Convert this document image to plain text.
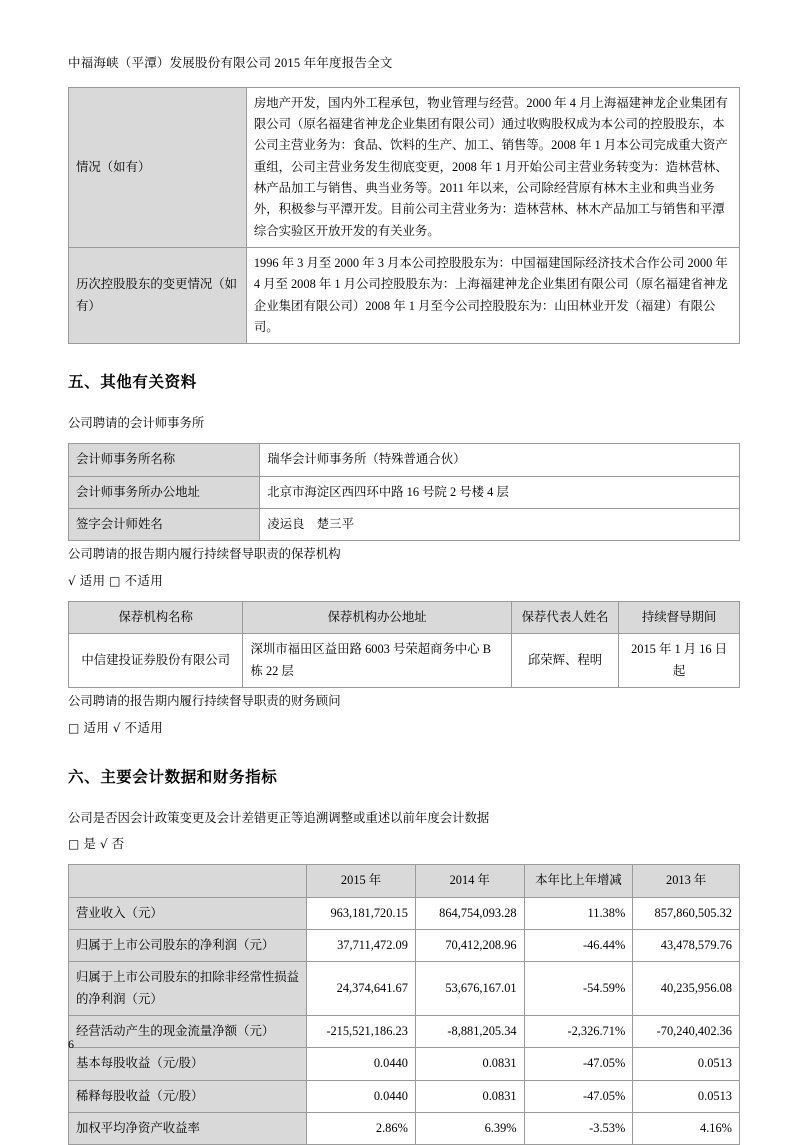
中福海峡（平潭）发展股份有限公司 2015 年年度报告全文
情况（如有）	房地产开发，国内外工程承包，物业管理与经营。2000 年 4 月上海福建神龙企业集团有限公司（原名福建省神龙企业集团有限公司）通过收购股权成为本公司的控股股东，本公司主营业务为：食品、饮料的生产、加工、销售等。2008 年 1 月本公司完成重大资产重组，公司主营业务发生彻底变更，2008 年 1 月开始公司主营业务转变为：造林营林、林产品加工与销售、典当业务等。2011 年以来，公司除经营原有林木主业和典当业务外，积极参与平潭开发。目前公司主营业务为：造林营林、林木产品加工与销售和平潭综合实验区开放开发的有关业务。
历次控股股东的变更情况（如有）	1996 年 3 月至 2000 年 3 月本公司控股股东为：中国福建国际经济技术合作公司 2000 年 4 月至 2008 年 1 月公司控股股东为：上海福建神龙企业集团有限公司（原名福建省神龙企业集团有限公司）2008 年 1 月至今公司控股股东为：山田林业开发（福建）有限公司。
五、其他有关资料

公司聘请的会计师事务所

会计师事务所名称	瑞华会计师事务所（特殊普通合伙）
会计师事务所办公地址	北京市海淀区西四环中路 16 号院 2 号楼 4 层
签字会计师姓名	凌运良　楚三平

公司聘请的报告期内履行持续督导职责的保荐机构

√ 适用 □ 不适用

保荐机构名称	保荐机构办公地址	保荐代表人姓名	持续督导期间
中信建投证券股份有限公司	深圳市福田区益田路 6003 号荣超商务中心 B 栋 22 层	邱荣辉、程明	2015 年 1 月 16 日起

公司聘请的报告期内履行持续督导职责的财务顾问

□ 适用 √ 不适用

六、主要会计数据和财务指标

公司是否因会计政策变更及会计差错更正等追溯调整或重述以前年度会计数据

□ 是 √ 否

	2015 年	2014 年	本年比上年增减	2013 年
营业收入（元）	963,181,720.15	864,754,093.28	11.38%	857,860,505.32
归属于上市公司股东的净利润（元）	37,711,472.09	70,412,208.96	-46.44%	43,478,579.76
归属于上市公司股东的扣除非经常性损益的净利润（元）	24,374,641.67	53,676,167.01	-54.59%	40,235,956.08
经营活动产生的现金流量净额（元）	-215,521,186.23	-8,881,205.34	-2,326.71%	-70,240,402.36
基本每股收益（元/股）	0.0440	0.0831	-47.05%	0.0513
稀释每股收益（元/股）	0.0440	0.0831	-47.05%	0.0513
加权平均净资产收益率	2.86%	6.39%	-3.53%	4.16%
6
